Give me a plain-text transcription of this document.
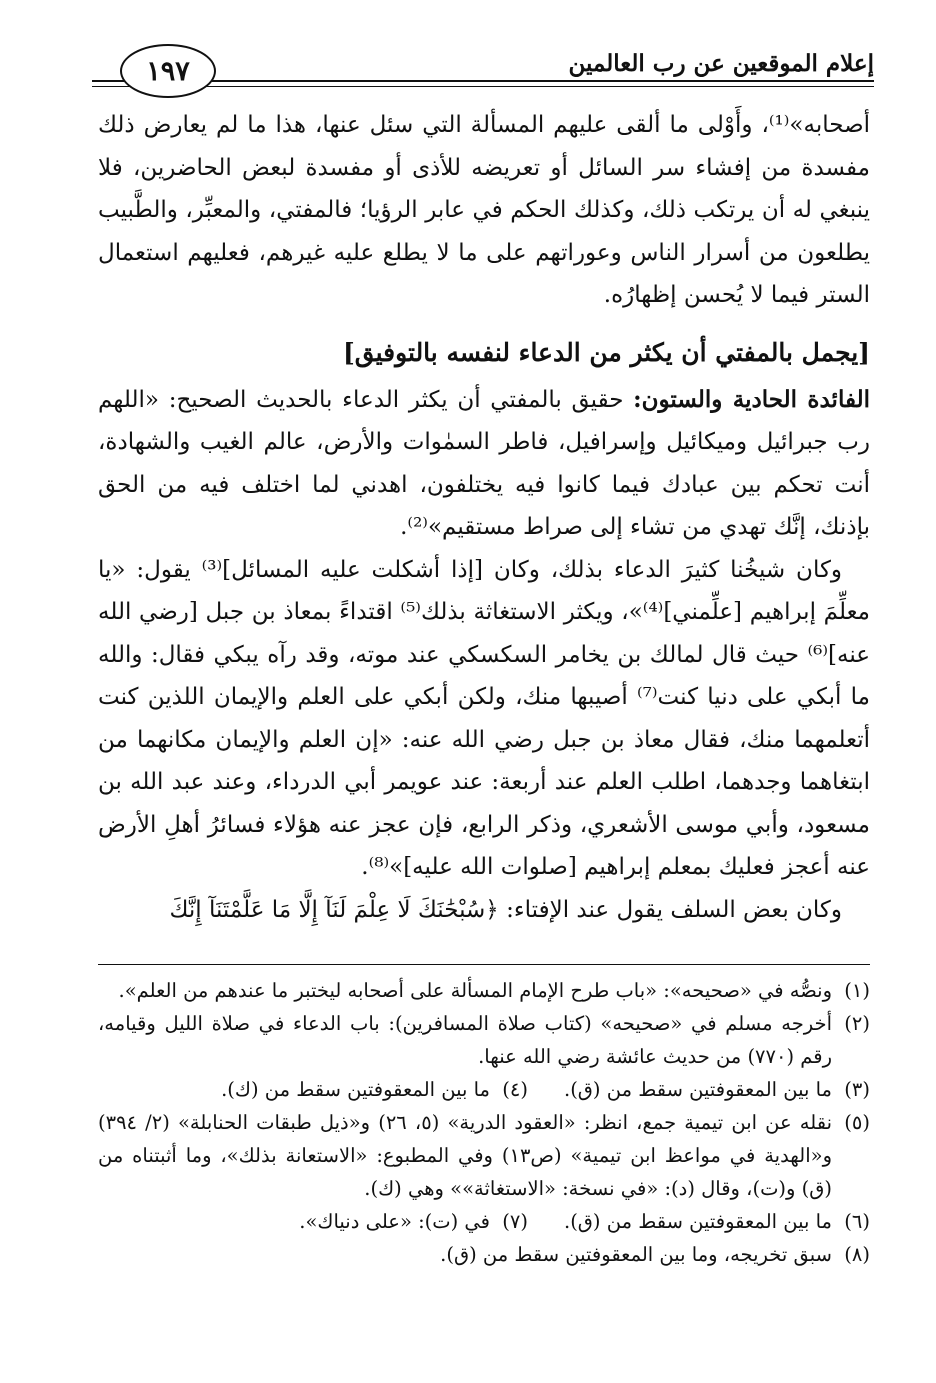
إعلام الموقعين عن رب العالمين
١٩٧

أصحابه»⁽¹⁾، وأَوْلى ما ألقى عليهم المسألة التي سئل عنها، هذا ما لم يعارض ذلك مفسدة من إفشاء سر السائل أو تعريضه للأذى أو مفسدة لبعض الحاضرين، فلا ينبغي له أن يرتكب ذلك، وكذلك الحكم في عابر الرؤيا؛ فالمفتي، والمعبِّر، والطَّبيب يطلعون من أسرار الناس وعوراتهم على ما لا يطلع عليه غيرهم، فعليهم استعمال الستر فيما لا يُحسن إظهارُه.

[يجمل بالمفتي أن يكثر من الدعاء لنفسه بالتوفيق]

الفائدة الحادية والستون: حقيق بالمفتي أن يكثر الدعاء بالحديث الصحيح: «اللهم رب جبرائيل وميكائيل وإسرافيل، فاطر السمٰوات والأرض، عالم الغيب والشهادة، أنت تحكم بين عبادك فيما كانوا فيه يختلفون، اهدني لما اختلف فيه من الحق بإذنك، إنَّك تهدي من تشاء إلى صراط مستقيم»⁽²⁾.

وكان شيخُنا كثيرَ الدعاء بذلك، وكان [إذا أشكلت عليه المسائل]⁽³⁾ يقول: «يا معلِّمَ إبراهيم [علِّمني]⁽⁴⁾»، ويكثر الاستغاثة بذلك⁽⁵⁾ اقتداءً بمعاذ بن جبل [رضي الله عنه]⁽⁶⁾ حيث قال لمالك بن يخامر السكسكي عند موته، وقد رآه يبكي فقال: والله ما أبكي على دنيا كنت⁽⁷⁾ أصيبها منك، ولكن أبكي على العلم والإيمان اللذين كنت أتعلمهما منك، فقال معاذ بن جبل رضي الله عنه: «إن العلم والإيمان مكانهما من ابتغاهما وجدهما، اطلب العلم عند أربعة: عند عويمر أبي الدرداء، وعند عبد الله بن مسعود، وأبي موسى الأشعري، وذكر الرابع، فإن عجز عنه هؤلاء فسائرُ أهلِ الأرض عنه أعجز فعليك بمعلم إبراهيم [صلوات الله عليه]»⁽⁸⁾.

وكان بعض السلف يقول عند الإفتاء: ﴿سُبْحَٰنَكَ لَا عِلْمَ لَنَآ إِلَّا مَا عَلَّمْتَنَآ إِنَّكَ

(١)
ونصُّه في «صحيحه»: «باب طرح الإمام المسألة على أصحابه ليختبر ما عندهم من العلم».
(٢)
أخرجه مسلم في «صحيحه» (كتاب صلاة المسافرين): باب الدعاء في صلاة الليل وقيامه، رقم (٧٧٠) من حديث عائشة رضي الله عنها.
(٣)
ما بين المعقوفتين سقط من (ق).
(٤)
ما بين المعقوفتين سقط من (ك).
(٥)
نقله عن ابن تيمية جمع، انظر: «العقود الدرية» (٥، ٢٦) و«ذيل طبقات الحنابلة» (٢/ ٣٩٤) و«الهدية في مواعظ ابن تيمية» (ص١٣) وفي المطبوع: «الاستعانة بذلك»، وما أثبتناه من (ق) و(ت)، وقال (د): «في نسخة: «الاستغاثة»» وهي (ك).
(٦)
ما بين المعقوفتين سقط من (ق).
(٧)
في (ت): «على دنياك».
(٨)
سبق تخريجه، وما بين المعقوفتين سقط من (ق).
